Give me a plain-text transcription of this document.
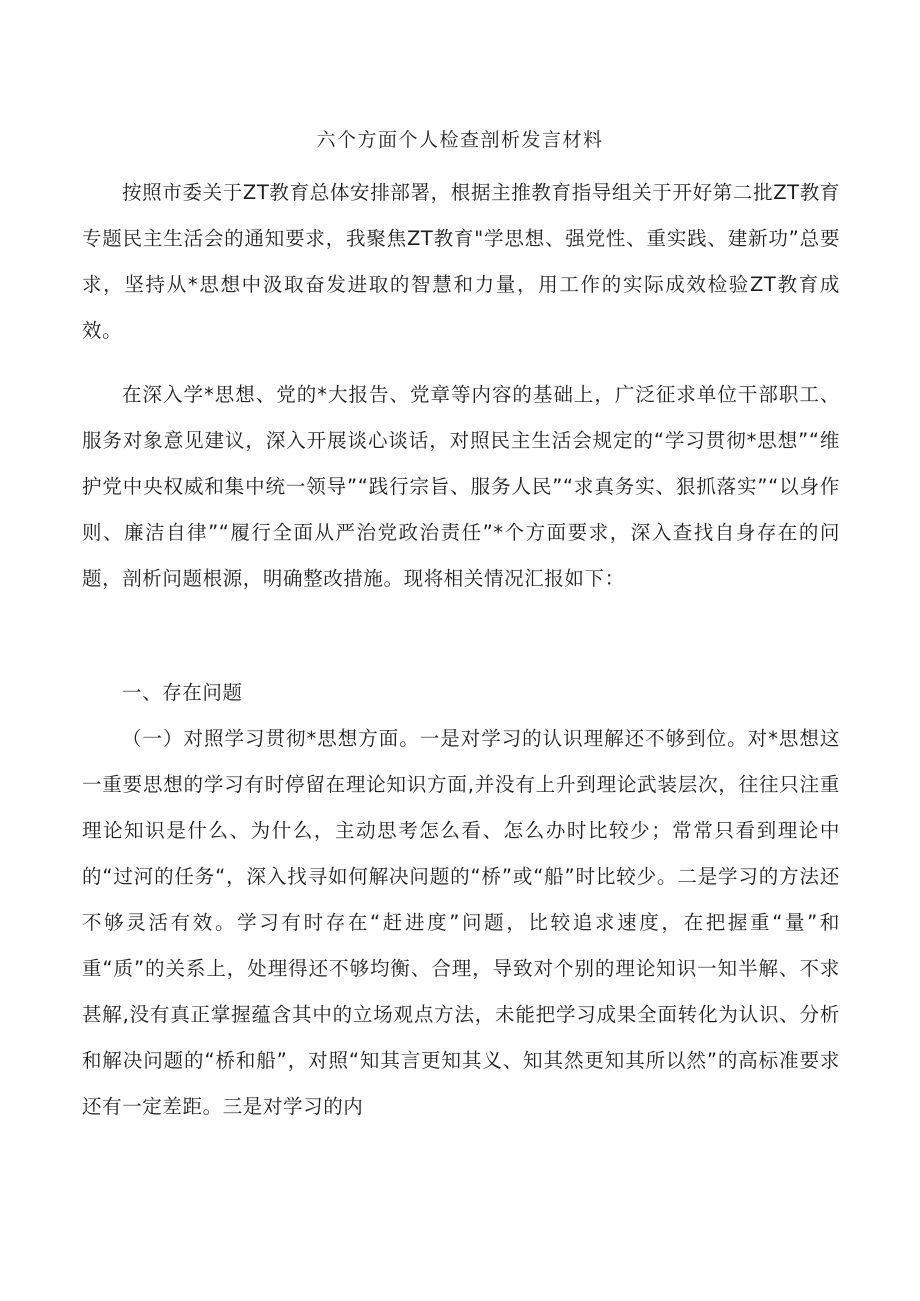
六个方面个人检查剖析发言材料

按照市委关于ZT教育总体安排部署，根据主推教育指导组关于开好第二批ZT教育专题民主生活会的通知要求，我聚焦ZT教育"学思想、强党性、重实践、建新功”总要求，坚持从*思想中汲取奋发进取的智慧和力量，用工作的实际成效检验ZT教育成效。

在深入学*思想、党的*大报告、党章等内容的基础上，广泛征求单位干部职工、服务对象意见建议，深入开展谈心谈话，对照民主生活会规定的“学习贯彻*思想”“维护党中央权威和集中统一领导”“践行宗旨、服务人民”“求真务实、狠抓落实”“以身作则、廉洁自律”“履行全面从严治党政治责任”*个方面要求，深入查找自身存在的问题，剖析问题根源，明确整改措施。现将相关情况汇报如下：

一、存在问题

（一）对照学习贯彻*思想方面。一是对学习的认识理解还不够到位。对*思想这一重要思想的学习有时停留在理论知识方面,并没有上升到理论武装层次，往往只注重理论知识是什么、为什么，主动思考怎么看、怎么办时比较少；常常只看到理论中的“过河的任务“，深入找寻如何解决问题的“桥”或“船”时比较少。二是学习的方法还不够灵活有效。学习有时存在“赶进度”问题，比较追求速度，在把握重“量”和重“质”的关系上，处理得还不够均衡、合理，导致对个别的理论知识一知半解、不求甚解,没有真正掌握蕴含其中的立场观点方法，未能把学习成果全面转化为认识、分析和解决问题的“桥和船”，对照“知其言更知其义、知其然更知其所以然”的高标准要求还有一定差距。三是对学习的内
